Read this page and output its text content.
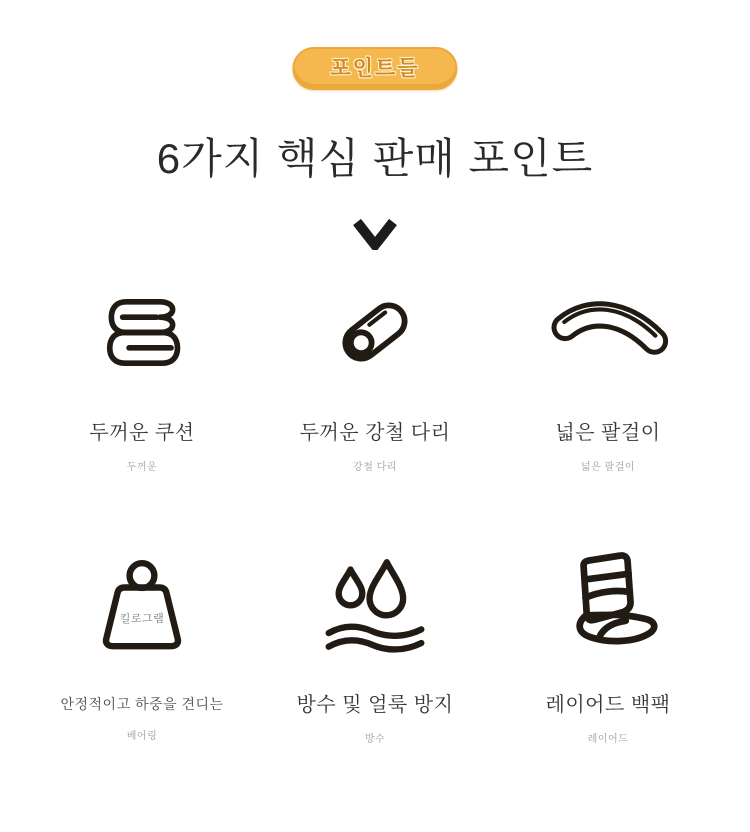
포인트들
6가지 핵심 판매 포인트
두꺼운 쿠션
두꺼운
두꺼운 강철 다리
강철 다리
넓은 팔걸이
넓은 팔걸이
킬로그램
안정적이고 하중을 견디는
베어링
방수 및 얼룩 방지
방수
레이어드 백팩
레이어드
